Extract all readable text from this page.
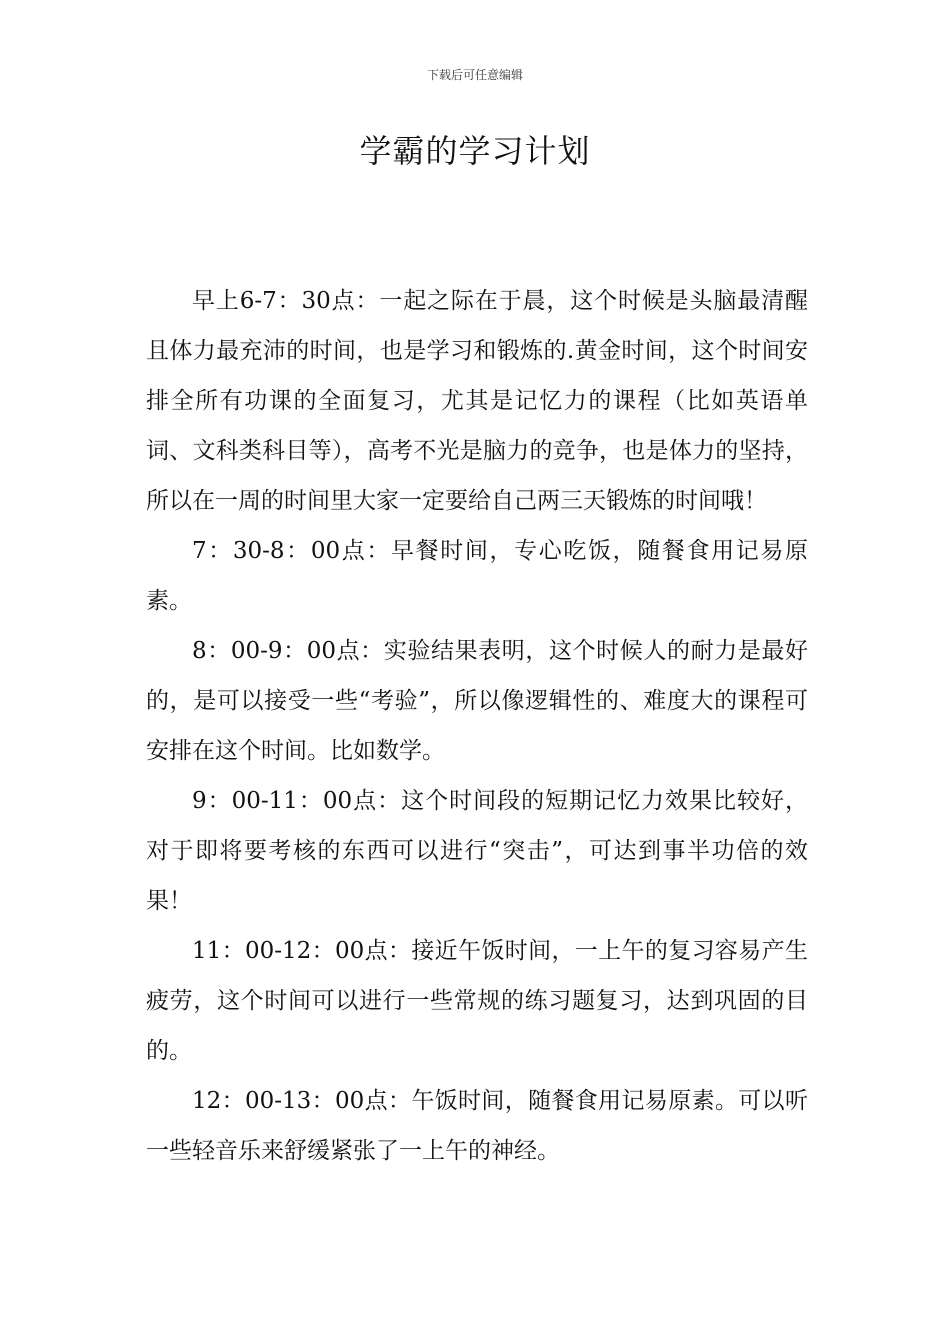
下载后可任意编辑

学霸的学习计划

早上6-7：30点：一起之际在于晨，这个时候是头脑最清醒且体力最充沛的时间，也是学习和锻炼的.黄金时间，这个时间安排全所有功课的全面复习，尤其是记忆力的课程（比如英语单词、文科类科目等），高考不光是脑力的竞争，也是体力的坚持，所以在一周的时间里大家一定要给自己两三天锻炼的时间哦！

7：30-8：00点：早餐时间，专心吃饭，随餐食用记易原素。

8：00-9：00点：实验结果表明，这个时候人的耐力是最好的，是可以接受一些“考验”，所以像逻辑性的、难度大的课程可安排在这个时间。比如数学。

9：00-11：00点：这个时间段的短期记忆力效果比较好，对于即将要考核的东西可以进行“突击”，可达到事半功倍的效果！

11：00-12：00点：接近午饭时间，一上午的复习容易产生疲劳，这个时间可以进行一些常规的练习题复习，达到巩固的目的。

12：00-13：00点：午饭时间，随餐食用记易原素。可以听一些轻音乐来舒缓紧张了一上午的神经。
